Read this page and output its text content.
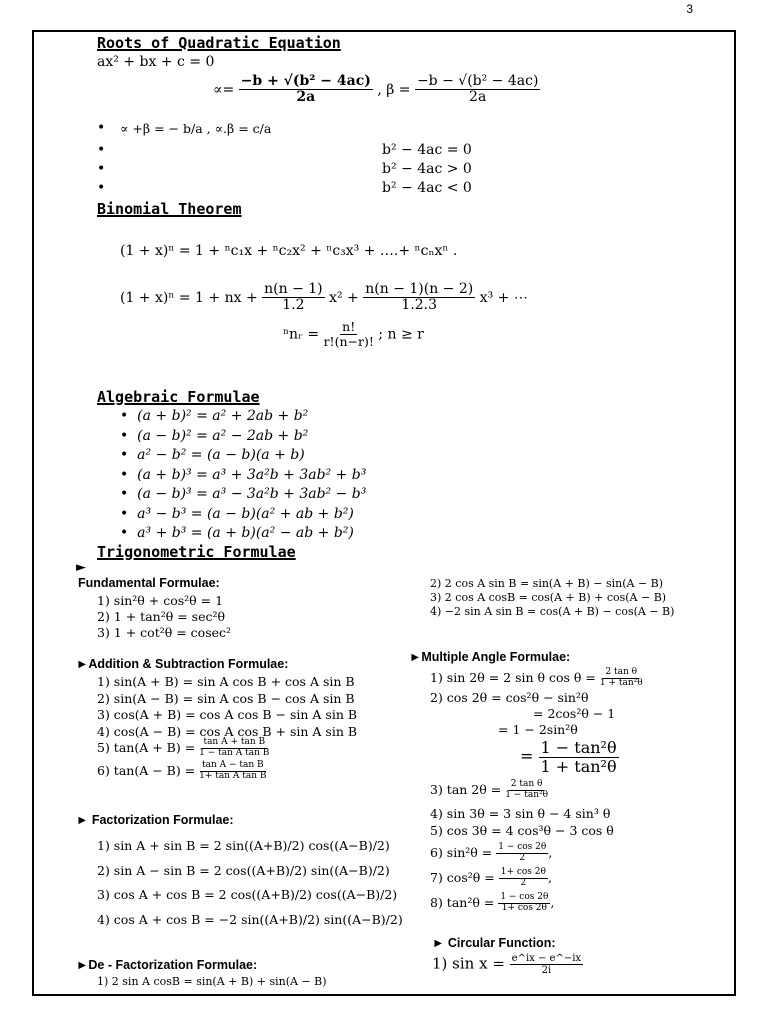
3
Roots of Quadratic Equation
ax² + bx + c = 0
∝= $\frac{\text{−b + √(b² − 4ac)}}{2a}$ , $\beta = \frac{\text{−b − √(b² − 4ac)}}{2a}$
• ∝ +β = − b/a , ∝.β = c/a
•	b² − 4ac = 0
•	b² − 4ac > 0
•	b² − 4ac < 0
Binomial Theorem
(1 + x)ⁿ = 1 + ⁿc₁x + ⁿc₂x² + ⁿc₃x³ + ….+ ⁿcₙxⁿ .
(1 + x)ⁿ = 1 + nx + $\frac{n(n - 1)}{1.2} x^2 + \frac{n(n - 1)(n - 2)}{1.2.3} x^3$ + ⋯
ⁿnᵣ = $\frac{n!}{r!(n-r)!}$ ; n ≥ r
Algebraic Formulae
•  (a + b)² = a² + 2ab + b²
•  (a − b)² = a² − 2ab + b²
•  a² − b² = (a − b)(a + b)
•  (a + b)³ = a³ + 3a²b + 3ab² + b³
•  (a − b)³ = a³ − 3a²b + 3ab² − b³
•  a³ − b³ = (a − b)(a² + ab + b²)
•  a³ + b³ = (a + b)(a² − ab + b²)
Trigonometric Formulae
►
Fundamental Formulae:
1) sin²θ + cos²θ = 1
2) 1 + tan²θ = sec²θ
3) 1 + cot²θ = cosec²
►Addition & Subtraction Formulae:
1) sin(A + B) = sin A cos B + cos A sin B
2) sin(A − B) = sin A cos B − cos A sin B
3) cos(A + B) = cos A cos B − sin A sin B
4) cos(A − B) = cos A cos B + sin A sin B
5) $\tan(A + B) = \frac{\text{tan A + tan B}}{\text{1 − tan A tan B}}$
6) $\tan(A - B) = \frac{\text{tan A − tan B}}{\text{1+ tan A tan B}}$
► Factorization Formulae:
1) sin A + sin B = 2 sin((A+B)/2) cos((A−B)/2)
2) sin A − sin B = 2 cos((A+B)/2) sin((A−B)/2)
3) cos A + cos B = 2 cos((A+B)/2) cos((A−B)/2)
4) cos A + cos B = −2 sin((A+B)/2) sin((A−B)/2)
►De - Factorization Formulae:
1) 2 sin A cosB = sin(A + B) + sin(A − B)
2) 2 cos A sin B = sin(A + B) − sin(A − B)
3) 2 cos A cosB = cos(A + B) + cos(A − B)
4) −2 sin A sin B = cos(A + B) − cos(A − B)
►Multiple Angle Formulae:
1) sin 2θ = 2 sin θ $\cos \theta = \frac{\text{2 tan θ}}{\text{1 + tan²θ}}$
2) cos 2θ = cos²θ − sin²θ
= 2cos²θ − 1
= 1 − 2sin²θ
= $\frac{\text{1 − tan²θ}}{\text{1 + tan²θ}}$
3) $\tan 2\theta = \frac{\text{2 tan θ}}{\text{1 − tan²θ}}$
4) sin 3θ = 3 sin θ − 4 sin³ θ
5) cos 3θ = 4 cos³θ − 3 cos θ
6) $\sin^2\theta = \frac{1 - \cos 2\theta}{2}$ ,
7) $\cos^2\theta = \frac{1+ \cos 2\theta}{2}$ ,
8) $\tan^2\theta = \frac{1 - \cos 2\theta}{1+ \cos 2\theta}$ ,
► Circular Function:
1) $\sin x = \frac{e\^{}ix - e\^{}-ix}{2i}$
